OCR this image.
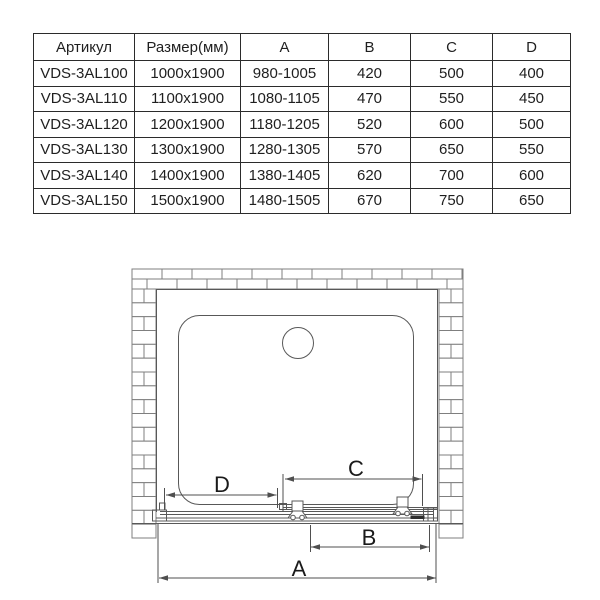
Артикул	Размер(мм)	A	B	C	D
VDS-3AL100	1000x1900	980-1005	420	500	400
VDS-3AL110	1100x1900	1080-1105	470	550	450
VDS-3AL120	1200x1900	1180-1205	520	600	500
VDS-3AL130	1300x1900	1280-1305	570	650	550
VDS-3AL140	1400x1900	1380-1405	620	700	600
VDS-3AL150	1500x1900	1480-1505	670	750	650
D
C
B
A
